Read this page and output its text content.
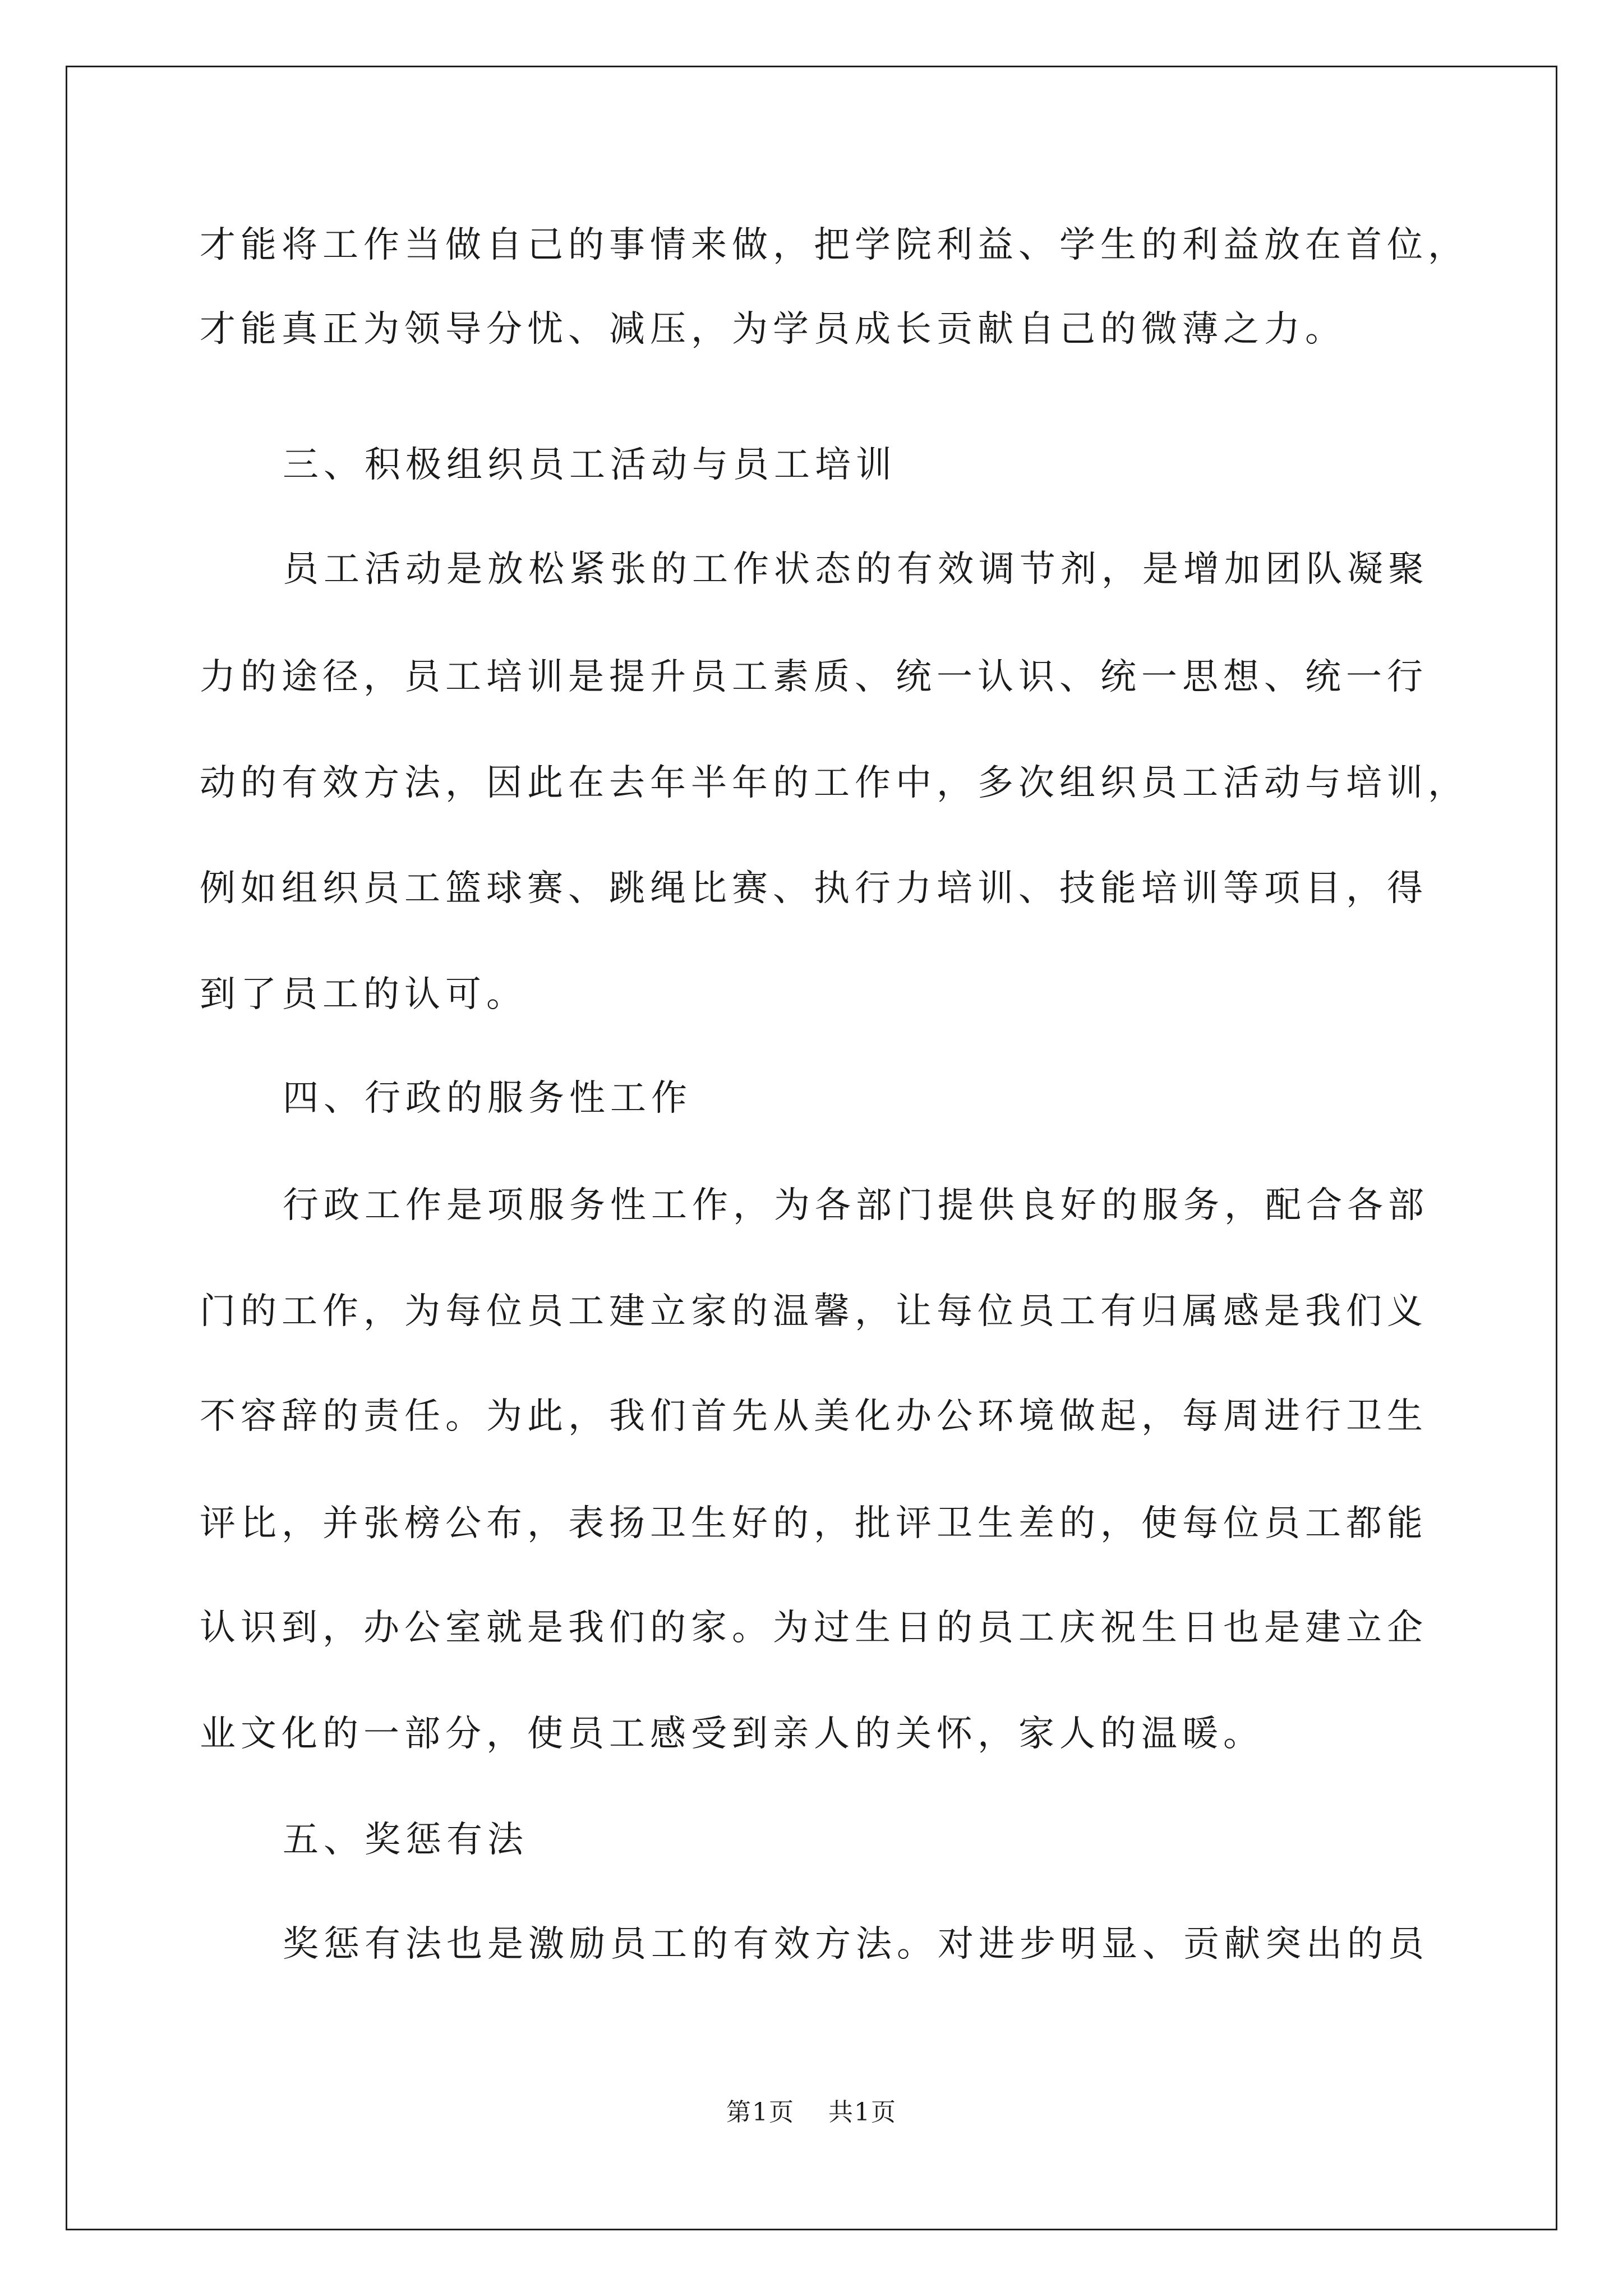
才能将工作当做自己的事情来做，把学院利益、学生的利益放在首位，

才能真正为领导分忧、减压，为学员成长贡献自己的微薄之力。

三、积极组织员工活动与员工培训

员工活动是放松紧张的工作状态的有效调节剂，是增加团队凝聚

力的途径，员工培训是提升员工素质、统一认识、统一思想、统一行

动的有效方法，因此在去年半年的工作中，多次组织员工活动与培训，

例如组织员工篮球赛、跳绳比赛、执行力培训、技能培训等项目，得

到了员工的认可。

四、行政的服务性工作

行政工作是项服务性工作，为各部门提供良好的服务，配合各部

门的工作，为每位员工建立家的温馨，让每位员工有归属感是我们义

不容辞的责任。为此，我们首先从美化办公环境做起，每周进行卫生

评比，并张榜公布，表扬卫生好的，批评卫生差的，使每位员工都能

认识到，办公室就是我们的家。为过生日的员工庆祝生日也是建立企

业文化的一部分，使员工感受到亲人的关怀，家人的温暖。

五、奖惩有法

奖惩有法也是激励员工的有效方法。对进步明显、贡献突出的员

第1页 共1页
